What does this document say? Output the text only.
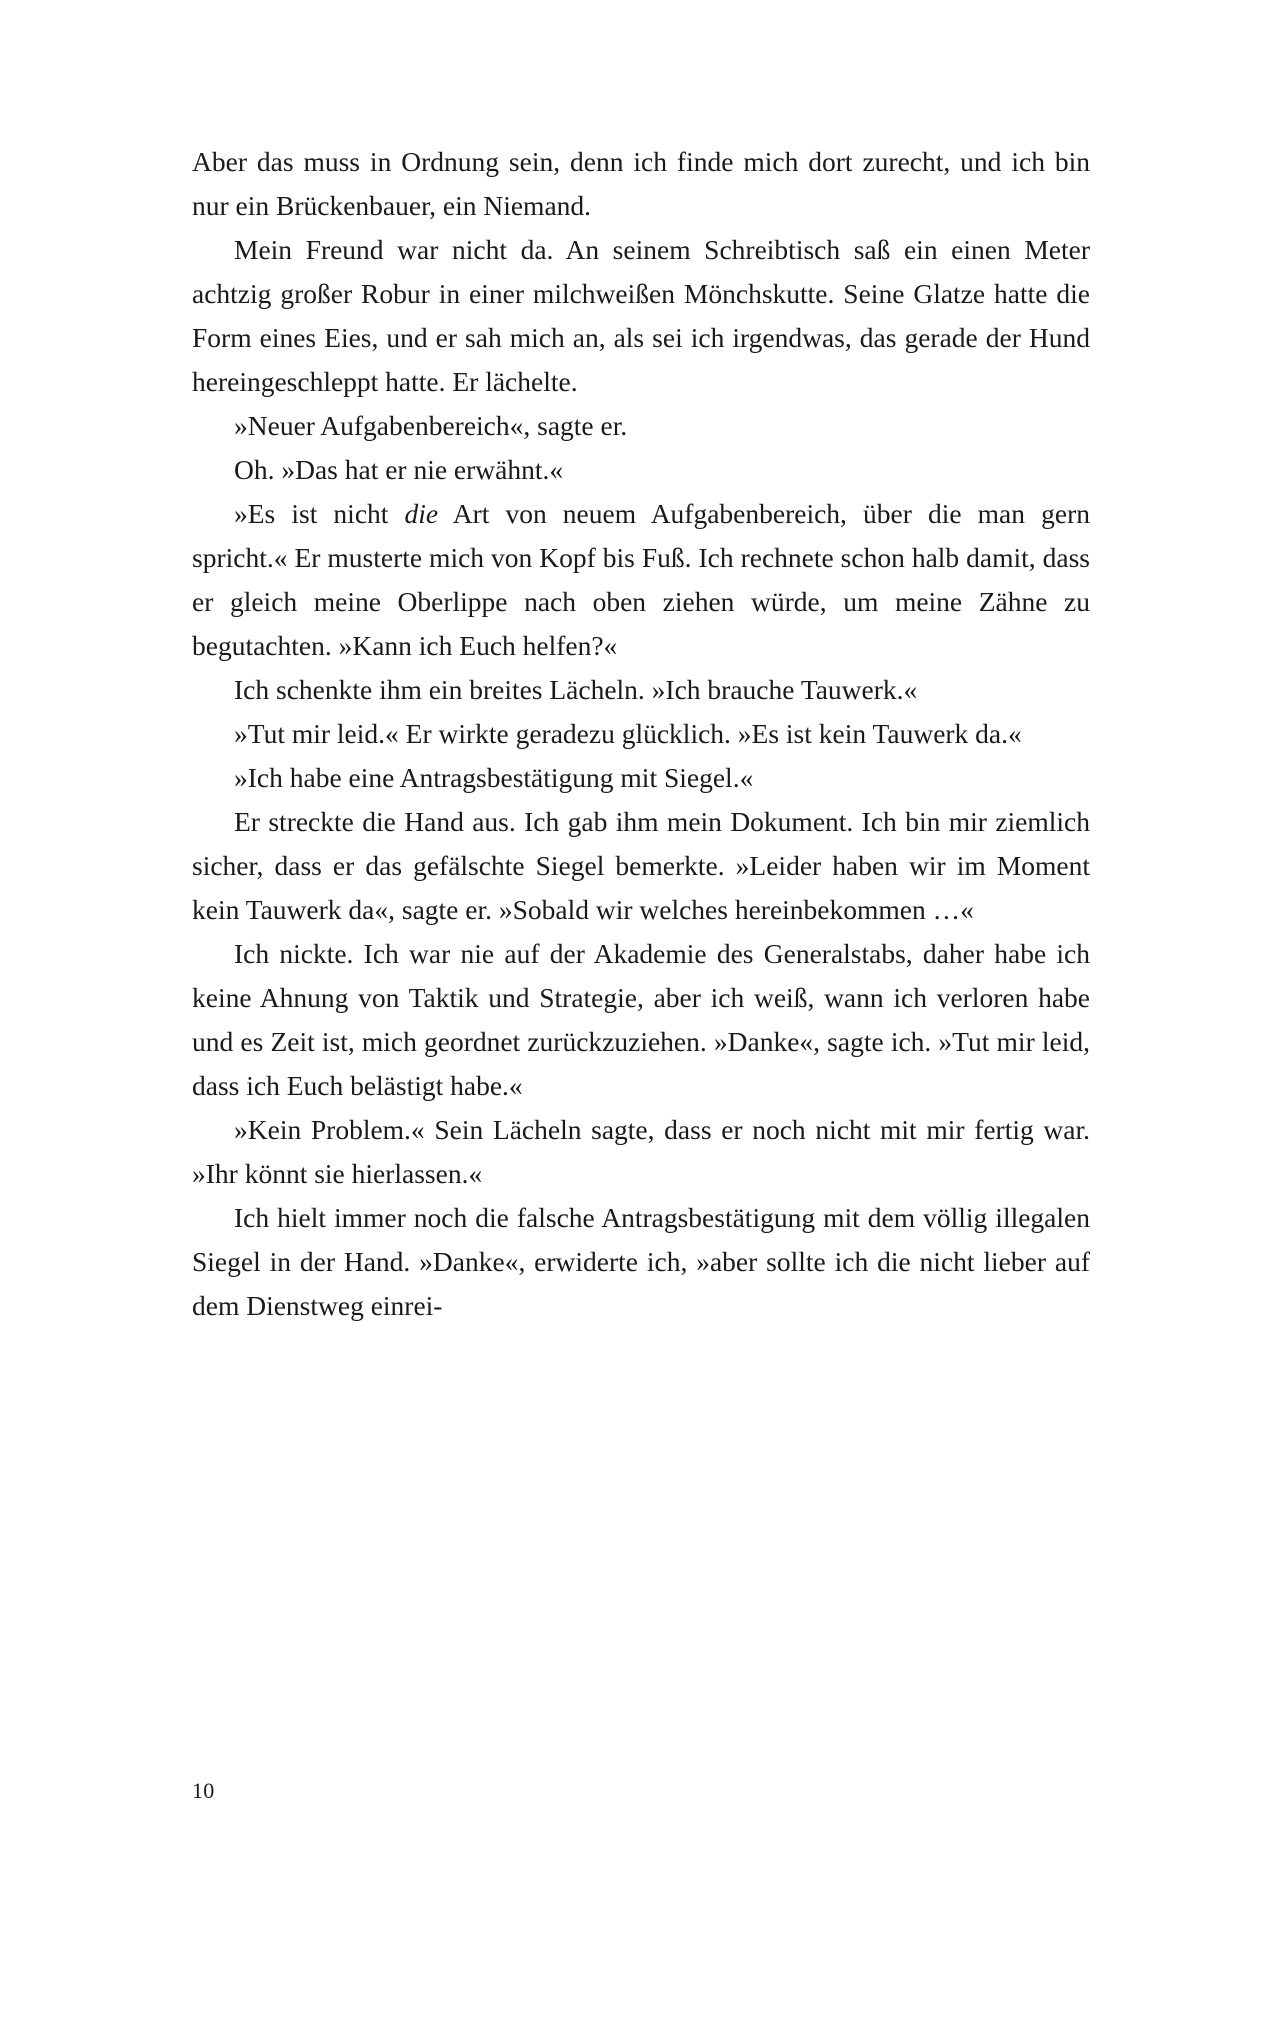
Aber das muss in Ordnung sein, denn ich finde mich dort zurecht, und ich bin nur ein Brückenbauer, ein Niemand.

Mein Freund war nicht da. An seinem Schreibtisch saß ein einen Meter achtzig großer Robur in einer milchweißen Mönchskutte. Seine Glatze hatte die Form eines Eies, und er sah mich an, als sei ich irgendwas, das gerade der Hund hereingeschleppt hatte. Er lächelte.

»Neuer Aufgabenbereich«, sagte er.

Oh. »Das hat er nie erwähnt.«

»Es ist nicht die Art von neuem Aufgabenbereich, über die man gern spricht.« Er musterte mich von Kopf bis Fuß. Ich rechnete schon halb damit, dass er gleich meine Oberlippe nach oben ziehen würde, um meine Zähne zu begutachten. »Kann ich Euch helfen?«

Ich schenkte ihm ein breites Lächeln. »Ich brauche Tauwerk.«

»Tut mir leid.« Er wirkte geradezu glücklich. »Es ist kein Tauwerk da.«

»Ich habe eine Antragsbestätigung mit Siegel.«

Er streckte die Hand aus. Ich gab ihm mein Dokument. Ich bin mir ziemlich sicher, dass er das gefälschte Siegel bemerkte. »Leider haben wir im Moment kein Tauwerk da«, sagte er. »Sobald wir welches hereinbekommen …«

Ich nickte. Ich war nie auf der Akademie des Generalstabs, daher habe ich keine Ahnung von Taktik und Strategie, aber ich weiß, wann ich verloren habe und es Zeit ist, mich geordnet zurückzuziehen. »Danke«, sagte ich. »Tut mir leid, dass ich Euch belästigt habe.«

»Kein Problem.« Sein Lächeln sagte, dass er noch nicht mit mir fertig war. »Ihr könnt sie hierlassen.«

Ich hielt immer noch die falsche Antragsbestätigung mit dem völlig illegalen Siegel in der Hand. »Danke«, erwiderte ich, »aber sollte ich die nicht lieber auf dem Dienstweg einrei-

10
